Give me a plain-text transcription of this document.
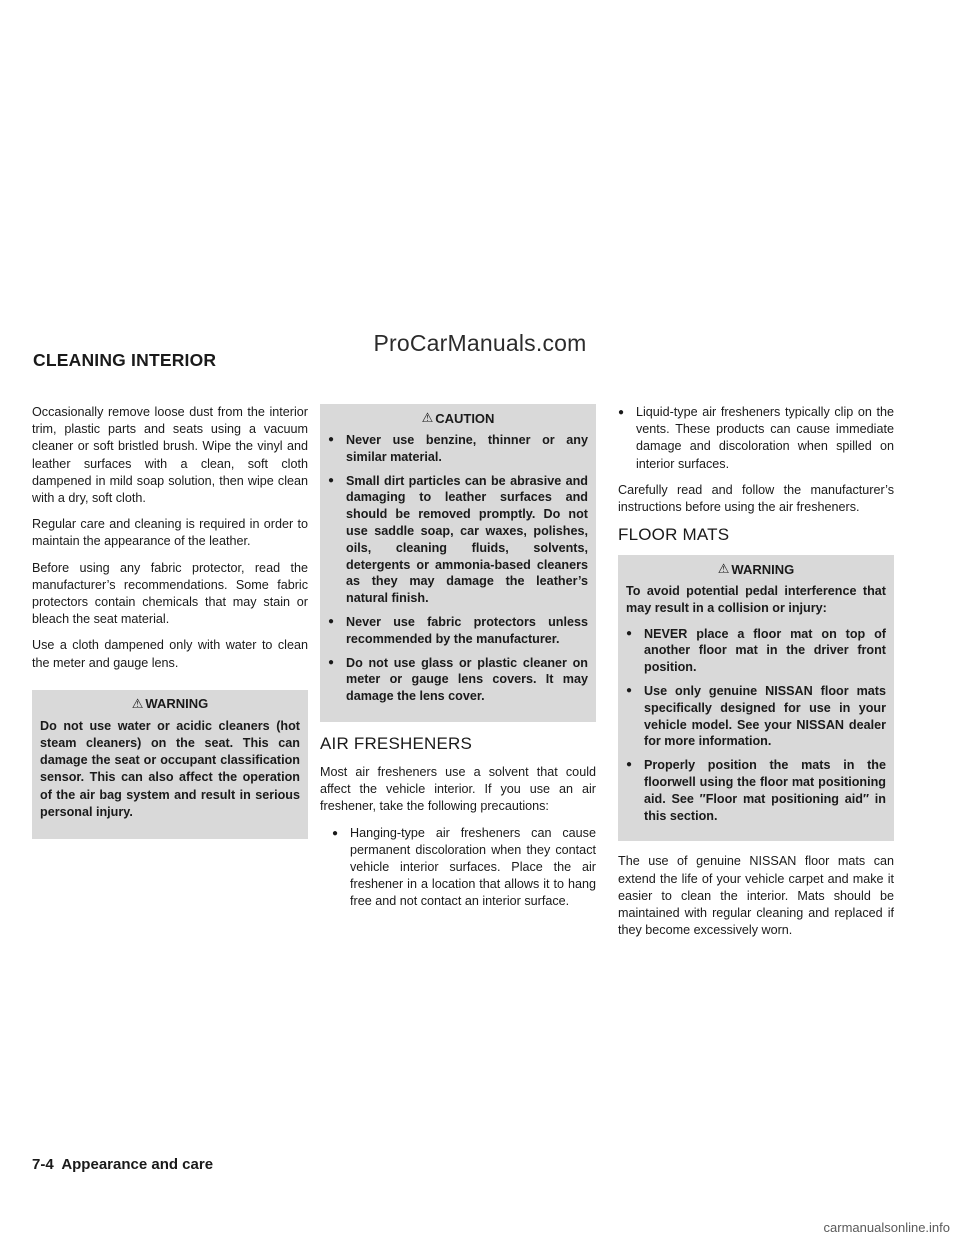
ProCarManuals.com
CLEANING INTERIOR

Occasionally remove loose dust from the interior trim, plastic parts and seats using a vacuum cleaner or soft bristled brush. Wipe the vinyl and leather surfaces with a clean, soft cloth dampened in mild soap solution, then wipe clean with a dry, soft cloth.

Regular care and cleaning is required in order to maintain the appearance of the leather.

Before using any fabric protector, read the manufacturer’s recommendations. Some fabric protectors contain chemicals that may stain or bleach the seat material.

Use a cloth dampened only with water to clean the meter and gauge lens.

⚠ WARNING

Do not use water or acidic cleaners (hot steam cleaners) on the seat. This can damage the seat or occupant classification sensor. This can also affect the operation of the air bag system and result in serious personal injury.

⚠ CAUTION
● Never use benzine, thinner or any similar material.
● Small dirt particles can be abrasive and damaging to leather surfaces and should be removed promptly. Do not use saddle soap, car waxes, polishes, oils, cleaning fluids, solvents, detergents or ammonia-based cleaners as they may damage the leather’s natural finish.
● Never use fabric protectors unless recommended by the manufacturer.
● Do not use glass or plastic cleaner on meter or gauge lens covers. It may damage the lens cover.
AIR FRESHENERS

Most air fresheners use a solvent that could affect the vehicle interior. If you use an air freshener, take the following precautions:

● Hanging-type air fresheners can cause permanent discoloration when they contact vehicle interior surfaces. Place the air freshener in a location that allows it to hang free and not contact an interior surface.
● Liquid-type air fresheners typically clip on the vents. These products can cause immediate damage and discoloration when spilled on interior surfaces.

Carefully read and follow the manufacturer’s instructions before using the air fresheners.

FLOOR MATS
⚠ WARNING

To avoid potential pedal interference that may result in a collision or injury:

● NEVER place a floor mat on top of another floor mat in the driver front position.
● Use only genuine NISSAN floor mats specifically designed for use in your vehicle model. See your NISSAN dealer for more information.
● Properly position the mats in the floorwell using the floor mat positioning aid. See ″Floor mat positioning aid″ in this section.

The use of genuine NISSAN floor mats can extend the life of your vehicle carpet and make it easier to clean the interior. Mats should be maintained with regular cleaning and replaced if they become excessively worn.

7-4 Appearance and care
carmanualsonline.info
